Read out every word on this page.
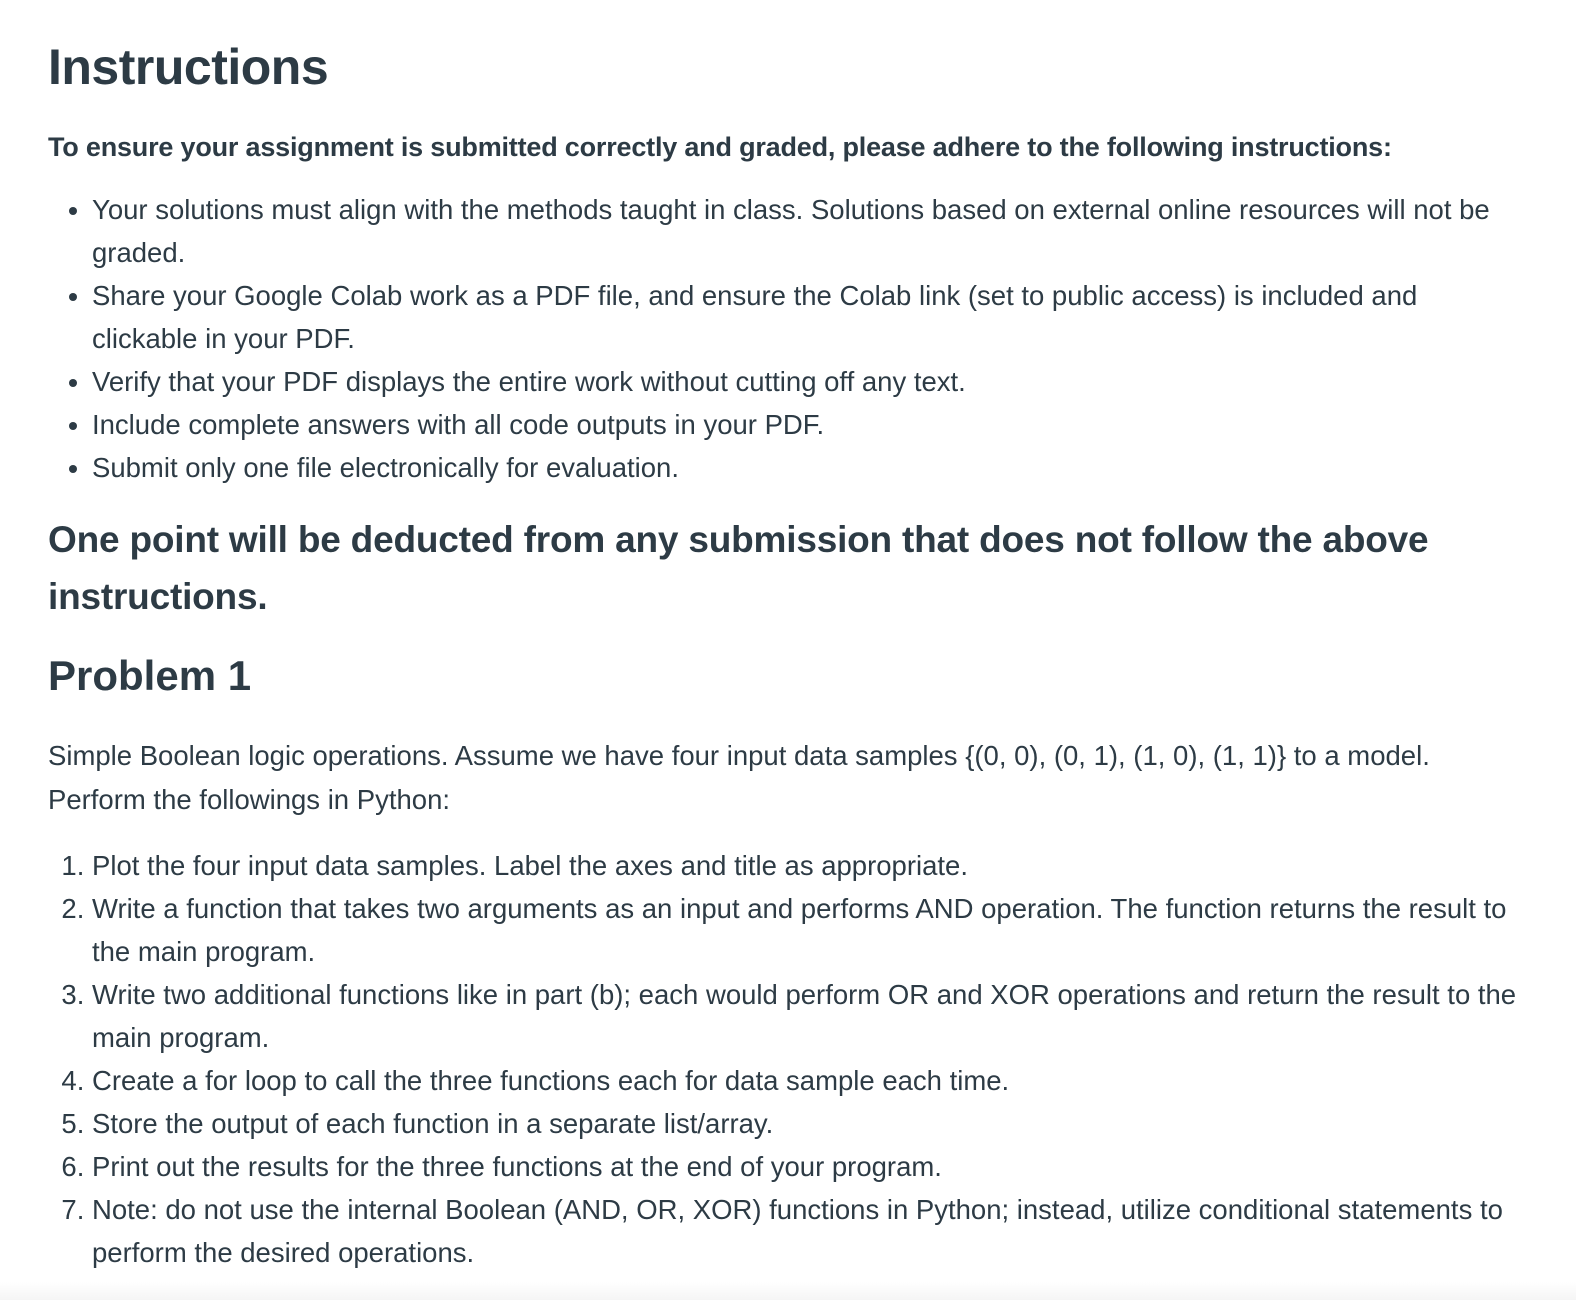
Instructions

To ensure your assignment is submitted correctly and graded, please adhere to the following instructions:

• Your solutions must align with the methods taught in class. Solutions based on external online resources will not be graded.
• Share your Google Colab work as a PDF file, and ensure the Colab link (set to public access) is included and clickable in your PDF.
• Verify that your PDF displays the entire work without cutting off any text.
• Include complete answers with all code outputs in your PDF.
• Submit only one file electronically for evaluation.

One point will be deducted from any submission that does not follow the above instructions.

Problem 1

Simple Boolean logic operations. Assume we have four input data samples {(0, 0), (0, 1), (1, 0), (1, 1)} to a model. Perform the followings in Python:

1. Plot the four input data samples. Label the axes and title as appropriate.
2. Write a function that takes two arguments as an input and performs AND operation. The function returns the result to the main program.
3. Write two additional functions like in part (b); each would perform OR and XOR operations and return the result to the main program.
4. Create a for loop to call the three functions each for data sample each time.
5. Store the output of each function in a separate list/array.
6. Print out the results for the three functions at the end of your program.
7. Note: do not use the internal Boolean (AND, OR, XOR) functions in Python; instead, utilize conditional statements to perform the desired operations.
